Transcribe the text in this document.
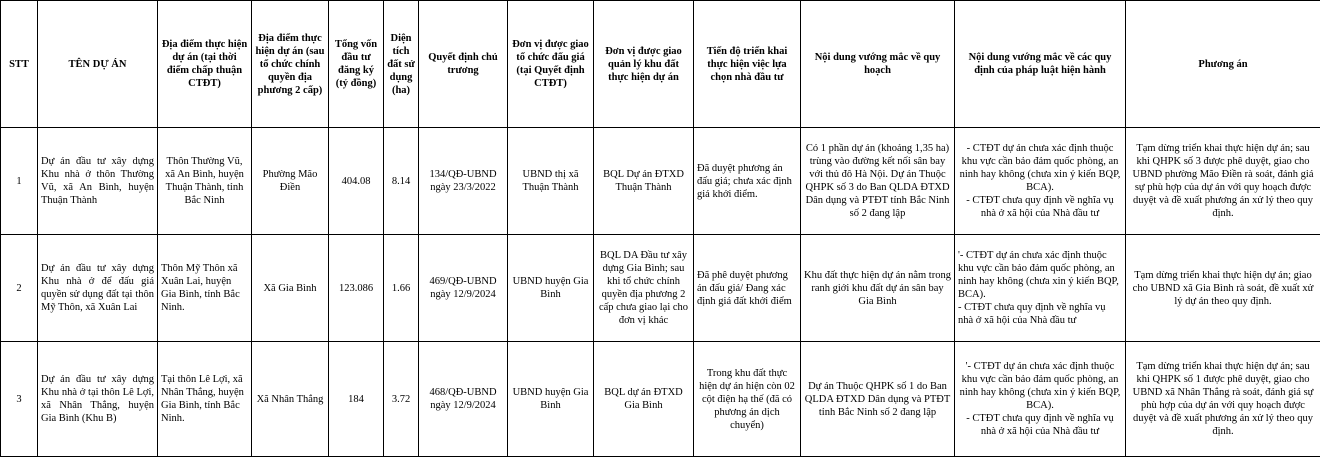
STT	TÊN DỰ ÁN	Địa điểm thực hiện dự án (tại thời điểm chấp thuận CTĐT)	Địa điểm thực hiện dự án (sau tổ chức chính quyền địa phương 2 cấp)	Tổng vốn đầu tư đăng ký (tỷ đồng)	Diện tích đất sử dụng (ha)	Quyết định chủ trương	Đơn vị được giao tổ chức đấu giá (tại Quyết định CTĐT)	Đơn vị được giao quản lý khu đất thực hiện dự án	Tiến độ triển khai thực hiện việc lựa chọn nhà đầu tư	Nội dung vướng mắc về quy hoạch	Nội dung vướng mắc về các quy định của pháp luật hiện hành	Phương án
1	Dự án đầu tư xây dựng Khu nhà ở thôn Thường Vũ, xã An Bình, huyện Thuận Thành	Thôn Thường Vũ, xã An Bình, huyện Thuận Thành, tỉnh Bắc Ninh	Phường Mão Điền	404.08	8.14	134/QĐ-UBND ngày 23/3/2022	UBND thị xã Thuận Thành	BQL Dự án ĐTXD Thuận Thành	Đã duyệt phương án đấu giá; chưa xác định giá khởi điểm.	Có 1 phần dự án (khoảng 1,35 ha) trùng vào đường kết nối sân bay với thủ đô Hà Nội. Dự án Thuộc QHPK số 3 do Ban QLDA ĐTXD Dân dụng và PTĐT tỉnh Bắc Ninh số 2 đang lập	- CTĐT dự án chưa xác định thuộc khu vực cần bảo đảm quốc phòng, an ninh hay không (chưa xin ý kiến BQP, BCA).
- CTĐT chưa quy định về nghĩa vụ nhà ở xã hội của Nhà đầu tư	Tạm dừng triển khai thực hiện dự án; sau khi QHPK số 3 được phê duyệt, giao cho UBND phường Mão Điền rà soát, đánh giá sự phù hợp của dự án với quy hoạch được duyệt và đề xuất phương án xử lý theo quy định.
2	Dự án đầu tư xây dựng Khu nhà ở để đấu giá quyền sử dụng đất tại thôn Mỹ Thôn, xã Xuân Lai	Thôn Mỹ Thôn xã Xuân Lai, huyện Gia Bình, tỉnh Bắc Ninh.	Xã Gia Bình	123.086	1.66	469/QĐ-UBND ngày 12/9/2024	UBND huyện Gia Bình	BQL DA Đầu tư xây dựng Gia Bình; sau khi tổ chức chính quyền địa phương 2 cấp chưa giao lại cho đơn vị khác	Đã phê duyệt phương án đấu giá/ Đang xác định giá đất khởi điểm	Khu đất thực hiện dự án nằm trong ranh giới khu đất dự án sân bay Gia Bình	'- CTĐT dự án chưa xác định thuộc khu vực cần bảo đảm quốc phòng, an ninh hay không (chưa xin ý kiến BQP, BCA).
- CTĐT chưa quy định về nghĩa vụ nhà ở xã hội của Nhà đầu tư	Tạm dừng triển khai thực hiện dự án; giao cho UBND xã Gia Bình rà soát, đề xuất xử lý dự án theo quy định.
3	Dự án đầu tư xây dựng Khu nhà ở tại thôn Lê Lợi, xã Nhân Thắng, huyện Gia Bình (Khu B)	Tại thôn Lê Lợi, xã Nhân Thắng, huyện Gia Bình, tỉnh Bắc Ninh.	Xã Nhân Thắng	184	3.72	468/QĐ-UBND ngày 12/9/2024	UBND huyện Gia Bình	BQL dự án ĐTXD Gia Bình	Trong khu đất thực hiện dự án hiện còn 02 cột điện hạ thế (đã có phương án dịch chuyển)	Dự án Thuộc QHPK số 1 do Ban QLDA ĐTXD Dân dụng và PTĐT tỉnh Bắc Ninh số 2 đang lập	'- CTĐT dự án chưa xác định thuộc khu vực cần bảo đảm quốc phòng, an ninh hay không (chưa xin ý kiến BQP, BCA).
- CTĐT chưa quy định về nghĩa vụ nhà ở xã hội của Nhà đầu tư	Tạm dừng triển khai thực hiện dự án; sau khi QHPK số 1 được phê duyệt, giao cho UBND xã Nhân Thắng rà soát, đánh giá sự phù hợp của dự án với quy hoạch được duyệt và đề xuất phương án xử lý theo quy định.
